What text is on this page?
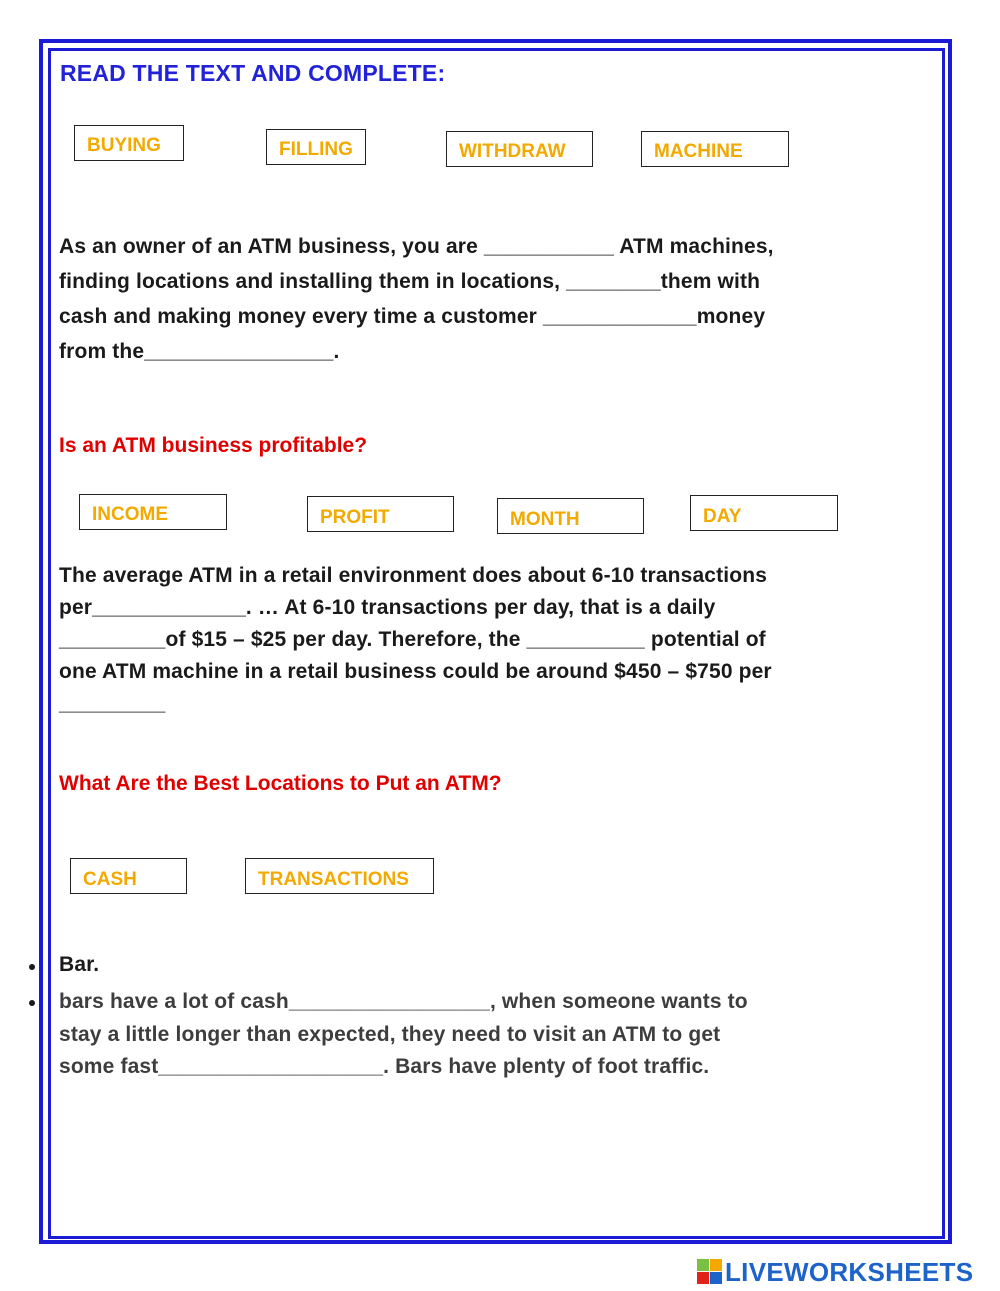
READ THE TEXT AND COMPLETE:
BUYING	FILLING	WITHDRAW	MACHINE
As an owner of an ATM business, you are ___________ ATM machines,
finding locations and installing them in locations, ________them with
cash and making money every time a customer _____________money
from the________________.
Is an ATM business profitable?
INCOME	PROFIT	MONTH	DAY
The average ATM in a retail environment does about 6-10 transactions
per_____________. … At 6-10 transactions per day, that is a daily
_________of $15 – $25 per day. Therefore, the __________ potential of
one ATM machine in a retail business could be around $450 – $750 per
_________
What Are the Best Locations to Put an ATM?
CASH	TRANSACTIONS
Bar.
bars have a lot of cash_________________, when someone wants to
stay a little longer than expected, they need to visit an ATM to get
some fast___________________. Bars have plenty of foot traffic.
LIVEWORKSHEETS
